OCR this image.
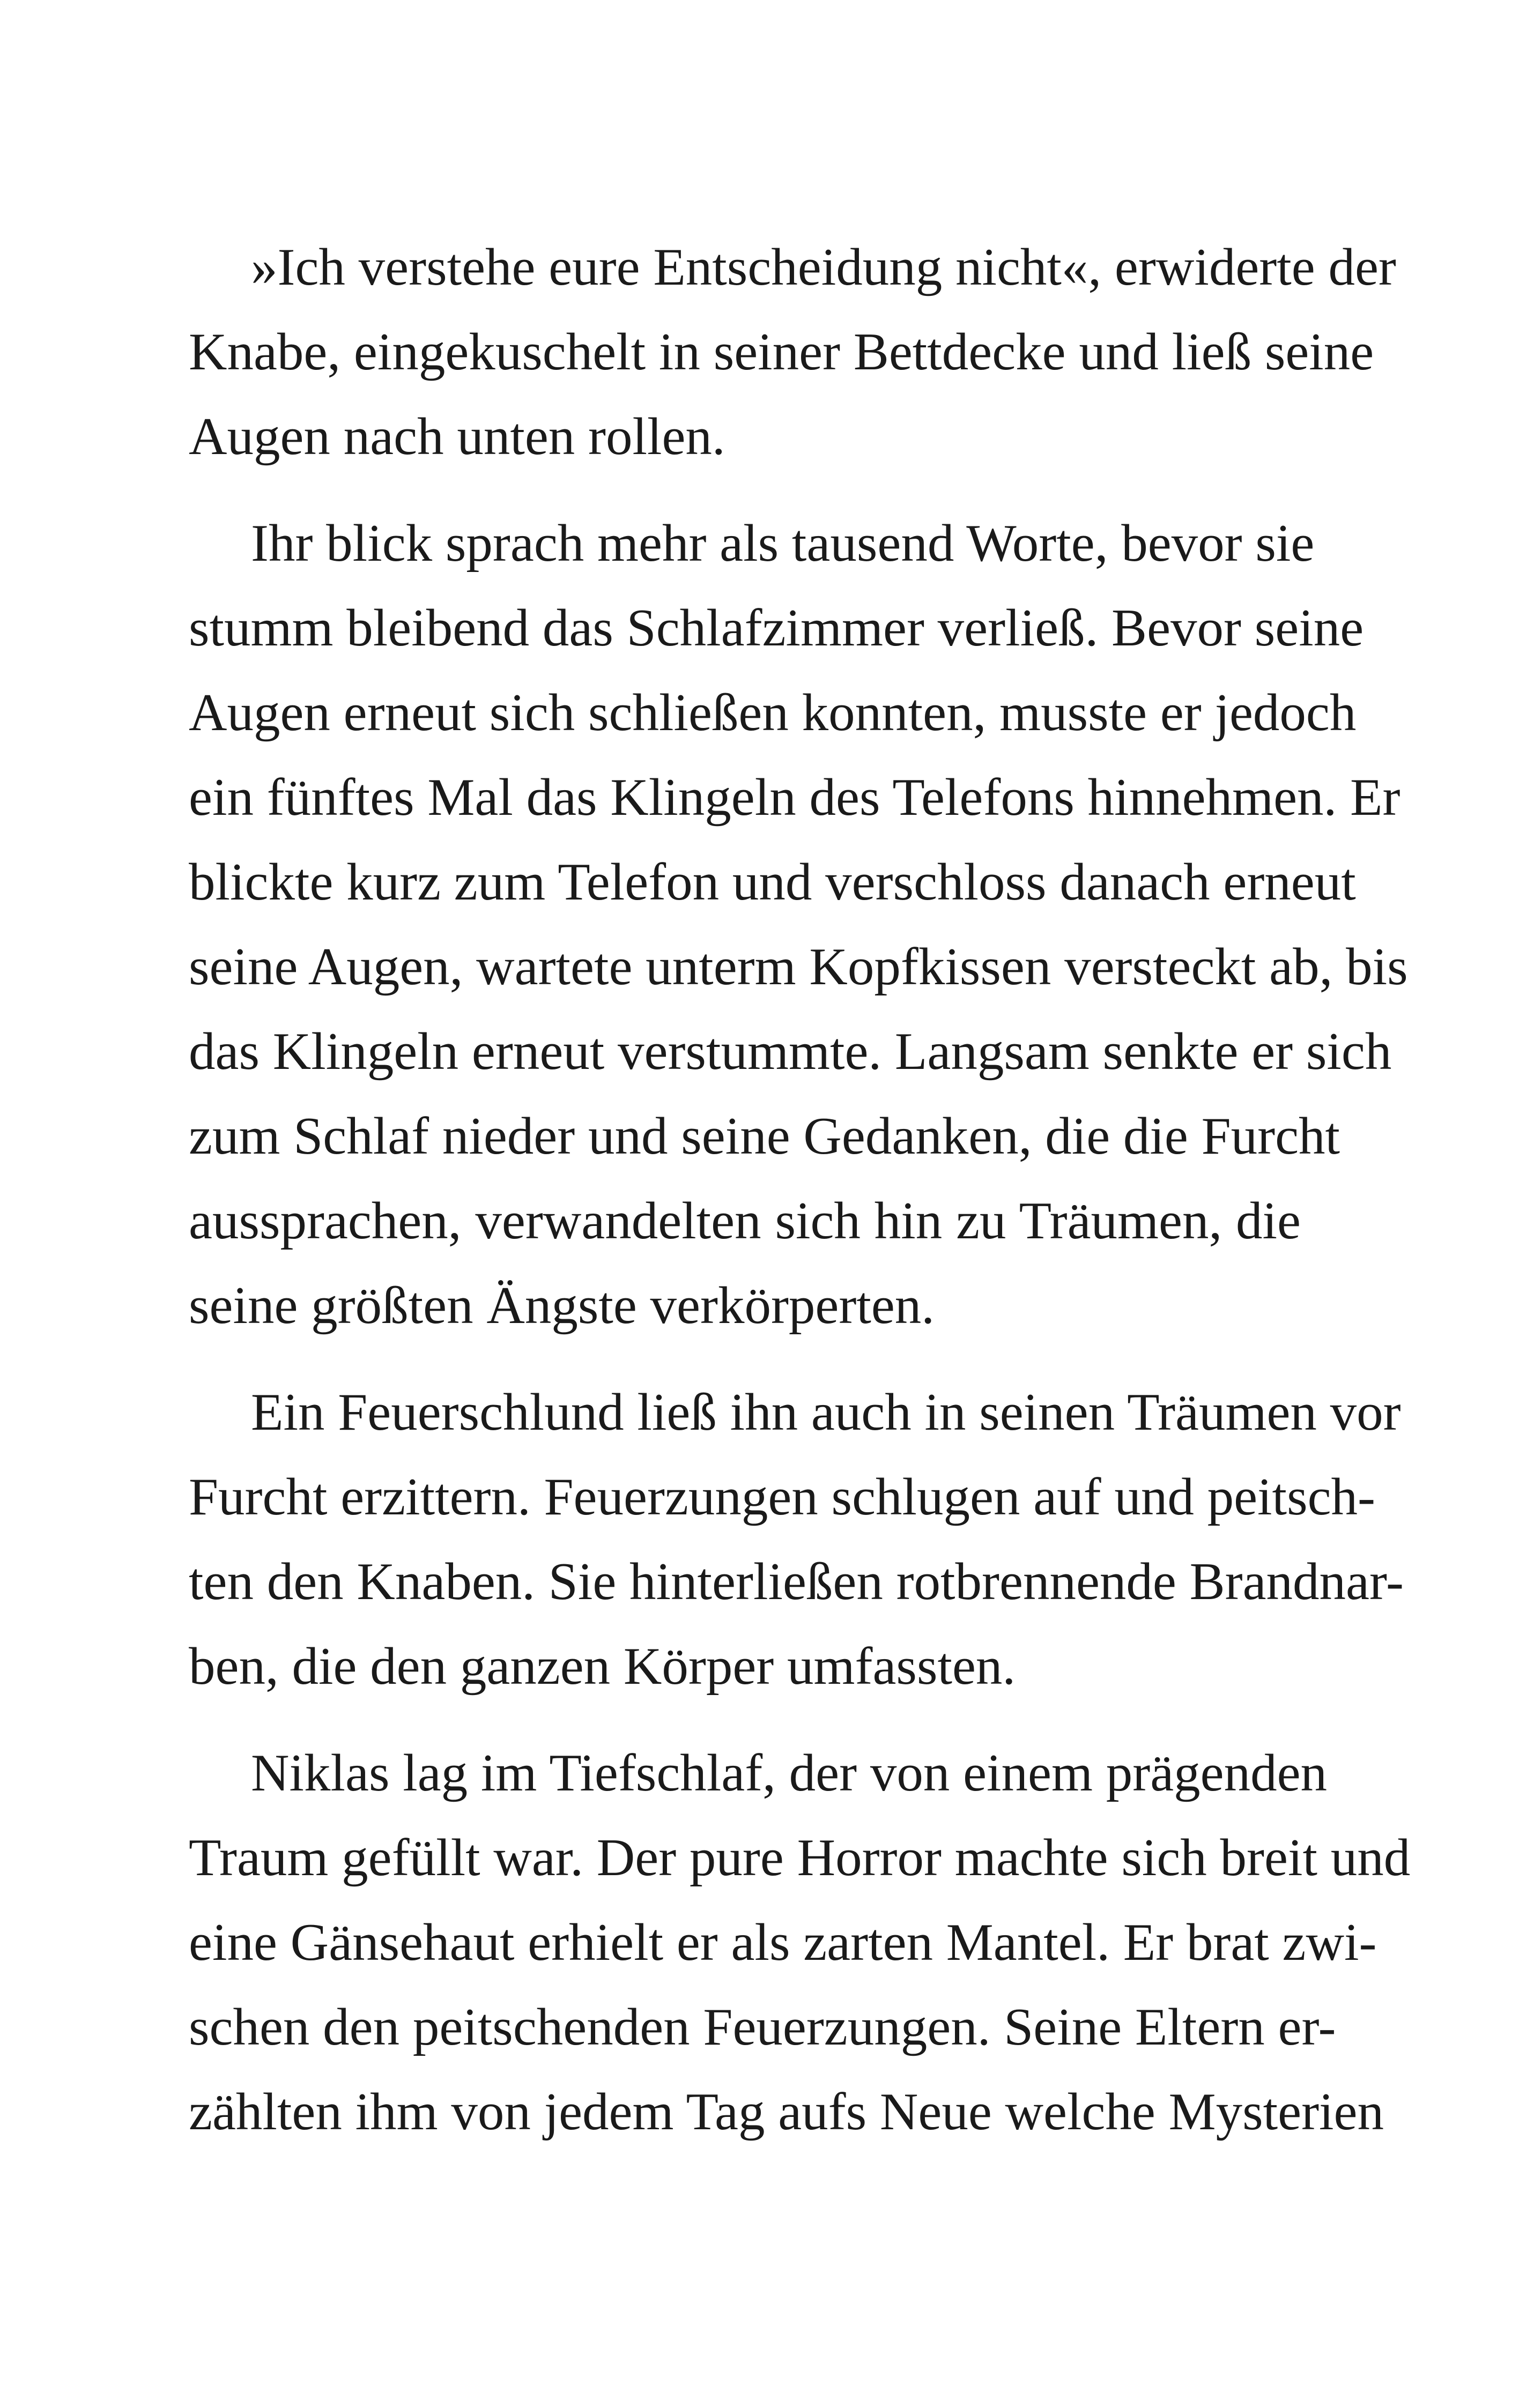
»Ich verstehe eure Entscheidung nicht«, erwiderte der
Knabe, eingekuschelt in seiner Bettdecke und ließ seine
Augen nach unten rollen.
Ihr blick sprach mehr als tausend Worte, bevor sie
stumm bleibend das Schlafzimmer verließ. Bevor seine
Augen erneut sich schließen konnten, musste er jedoch
ein fünftes Mal das Klingeln des Telefons hinnehmen. Er
blickte kurz zum Telefon und verschloss danach erneut
seine Augen, wartete unterm Kopfkissen versteckt ab, bis
das Klingeln erneut verstummte. Langsam senkte er sich
zum Schlaf nieder und seine Gedanken, die die Furcht
aussprachen, verwandelten sich hin zu Träumen, die
seine größten Ängste verkörperten.
Ein Feuerschlund ließ ihn auch in seinen Träumen vor
Furcht erzittern. Feuerzungen schlugen auf und peitsch-
ten den Knaben. Sie hinterließen rotbrennende Brandnar-
ben, die den ganzen Körper umfassten.
Niklas lag im Tiefschlaf, der von einem prägenden
Traum gefüllt war. Der pure Horror machte sich breit und
eine Gänsehaut erhielt er als zarten Mantel. Er brat zwi-
schen den peitschenden Feuerzungen. Seine Eltern er-
zählten ihm von jedem Tag aufs Neue welche Mysterien
